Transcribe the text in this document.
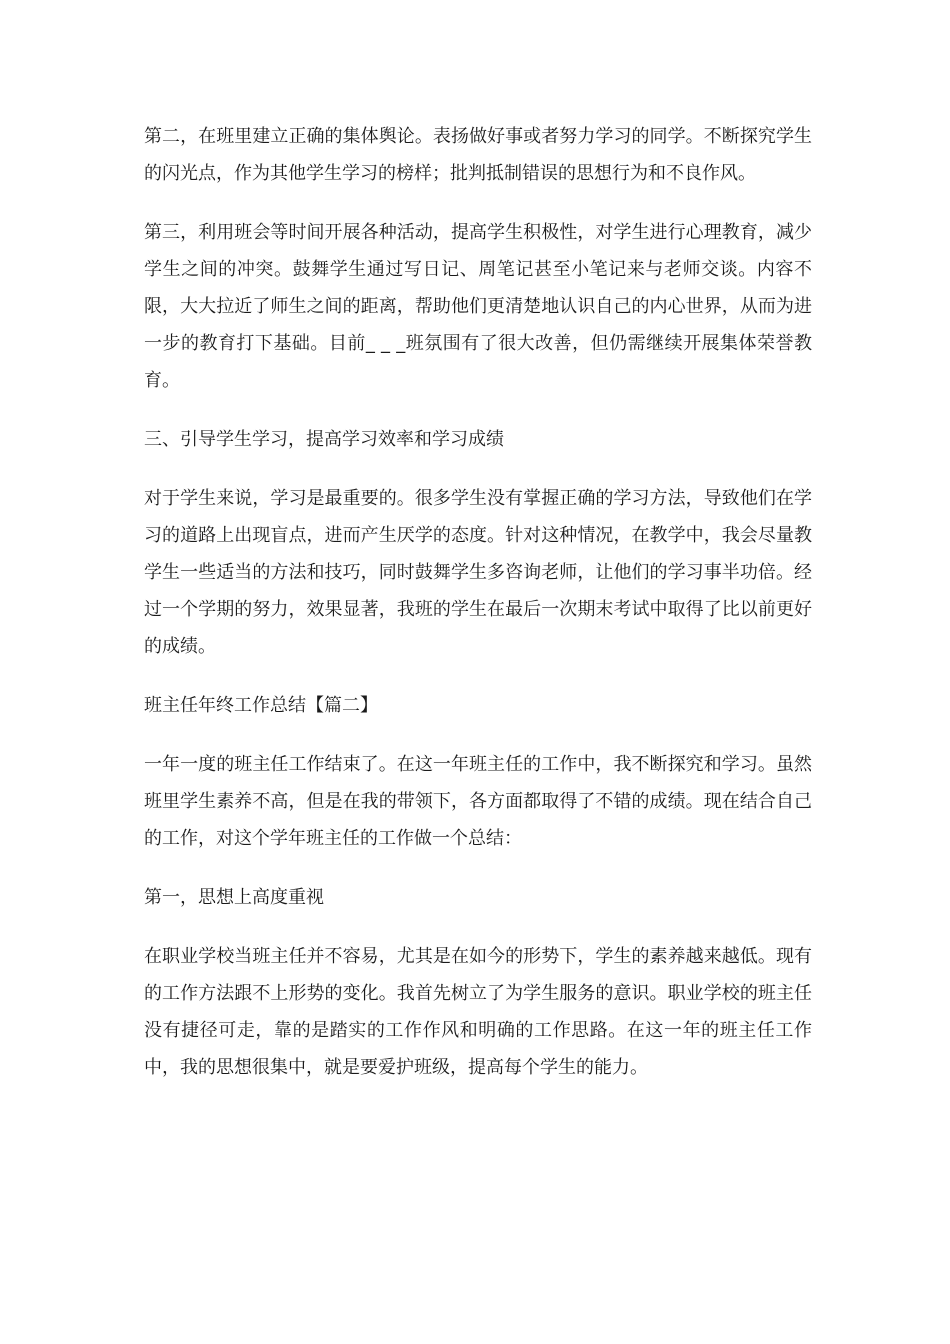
第二，在班里建立正确的集体舆论。表扬做好事或者努力学习的同学。不断探究学生的闪光点，作为其他学生学习的榜样；批判抵制错误的思想行为和不良作风。

第三，利用班会等时间开展各种活动，提高学生积极性，对学生进行心理教育，减少学生之间的冲突。鼓舞学生通过写日记、周笔记甚至小笔记来与老师交谈。内容不限，大大拉近了师生之间的距离，帮助他们更清楚地认识自己的内心世界，从而为进一步的教育打下基础。目前_ _ _班氛围有了很大改善，但仍需继续开展集体荣誉教育。

三、引导学生学习，提高学习效率和学习成绩

对于学生来说，学习是最重要的。很多学生没有掌握正确的学习方法，导致他们在学习的道路上出现盲点，进而产生厌学的态度。针对这种情况，在教学中，我会尽量教学生一些适当的方法和技巧，同时鼓舞学生多咨询老师，让他们的学习事半功倍。经过一个学期的努力，效果显著，我班的学生在最后一次期末考试中取得了比以前更好的成绩。

班主任年终工作总结【篇二】

一年一度的班主任工作结束了。在这一年班主任的工作中，我不断探究和学习。虽然班里学生素养不高，但是在我的带领下，各方面都取得了不错的成绩。现在结合自己的工作，对这个学年班主任的工作做一个总结：

第一，思想上高度重视

在职业学校当班主任并不容易，尤其是在如今的形势下，学生的素养越来越低。现有的工作方法跟不上形势的变化。我首先树立了为学生服务的意识。职业学校的班主任没有捷径可走，靠的是踏实的工作作风和明确的工作思路。在这一年的班主任工作中，我的思想很集中，就是要爱护班级，提高每个学生的能力。
